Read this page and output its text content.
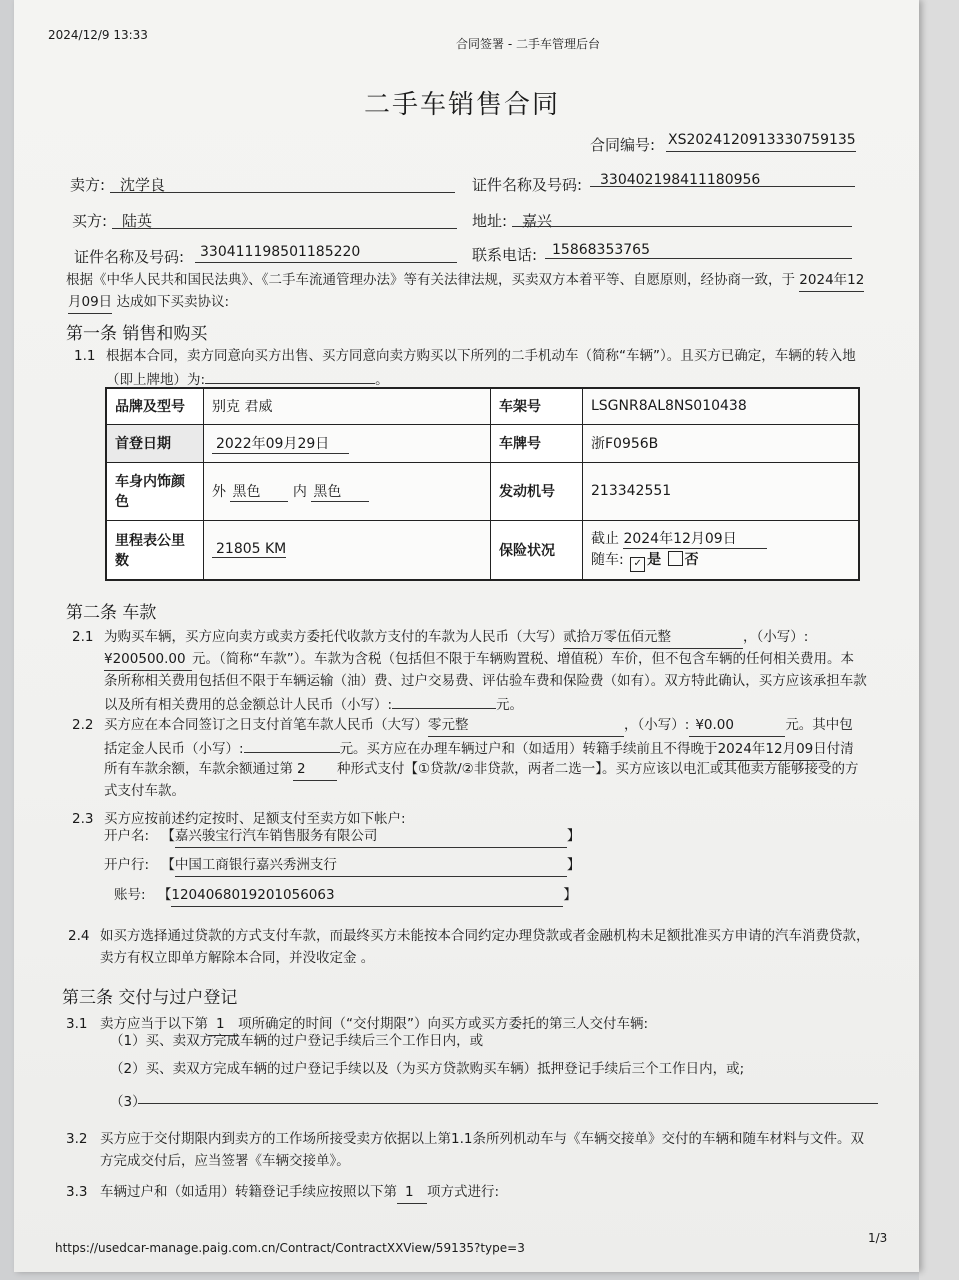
2024/12/9 13:33
合同签署 - 二手车管理后台
二手车销售合同
合同编号: XS2024120913330759135
卖方: 沈学良	证件名称及号码: 330402198411180956
买方: 陆英	地址: 嘉兴
证件名称及号码: 330411198501185220	联系电话: 15868353765
根据《中华人民共和国民法典》、《二手车流通管理办法》等有关法律法规，买卖双方本着平等、自愿原则，经协商一致，于 2024年12
月09日 达成如下买卖协议:
第一条 销售和购买
1.1 根据本合同，卖方同意向买方出售、买方同意向卖方购买以下所列的二手机动车（简称“车辆”）。且买方已确定，车辆的转入地
（即上牌地）为:	。
品牌及型号	别克 君威	车架号	LSGNR8AL8NS010438
首登日期	2022年09月29日	车牌号	浙F0956B
车身内饰颜色	外 黑色 内 黑色	发动机号	213342551
里程表公里数	21805 KM	保险状况	截止 2024年12月09日
随车: ✓ 是 否
第二条 车款
2.1 为购买车辆，买方应向卖方或卖方委托代收款方支付的车款为人民币（大写）贰拾万零伍佰元整	，（小写）:
¥200500.00 元。（简称“车款”）。车款为含税（包括但不限于车辆购置税、增值税）车价，但不包含车辆的任何相关费用。本
条所称相关费用包括但不限于车辆运输（油）费、过户交易费、评估验车费和保险费（如有）。双方特此确认，买方应该承担车款
以及所有相关费用的总金额总计人民币（小写）:	元。
2.2 买方应在本合同签订之日支付首笔车款人民币（大写）零元整	，（小写）: ¥0.00	元。其中包
括定金人民币（小写）:	元。买方应在办理车辆过户和（如适用）转籍手续前且不得晚于2024年12月09日付清
所有车款余额，车款余额通过第 2 种形式支付【①贷款/②非贷款，两者二选一】。买方应该以电汇或其他卖方能够接受的方
式支付车款。
2.3 买方应按前述约定按时、足额支付至卖方如下帐户:
开户名: 【嘉兴骏宝行汽车销售服务有限公司	】
开户行: 【中国工商银行嘉兴秀洲支行	】
账号: 【1204068019201056063	】
2.4 如买方选择通过贷款的方式支付车款，而最终买方未能按本合同约定办理贷款或者金融机构未足额批准买方申请的汽车消费贷款，
卖方有权立即单方解除本合同，并没收定金 。
第三条 交付与过户登记
3.1 卖方应当于以下第 1 项所确定的时间（“交付期限”）向买方或买方委托的第三人交付车辆:
（1）买、卖双方完成车辆的过户登记手续后三个工作日内，或
（2）买、卖双方完成车辆的过户登记手续以及（为买方贷款购买车辆）抵押登记手续后三个工作日内，或;
（3）
3.2 买方应于交付期限内到卖方的工作场所接受卖方依据以上第1.1条所列机动车与《车辆交接单》交付的车辆和随车材料与文件。双
方完成交付后，应当签署《车辆交接单》。
3.3 车辆过户和（如适用）转籍登记手续应按照以下第 1 项方式进行:
https://usedcar-manage.paig.com.cn/Contract/ContractXXView/59135?type=3
1/3
